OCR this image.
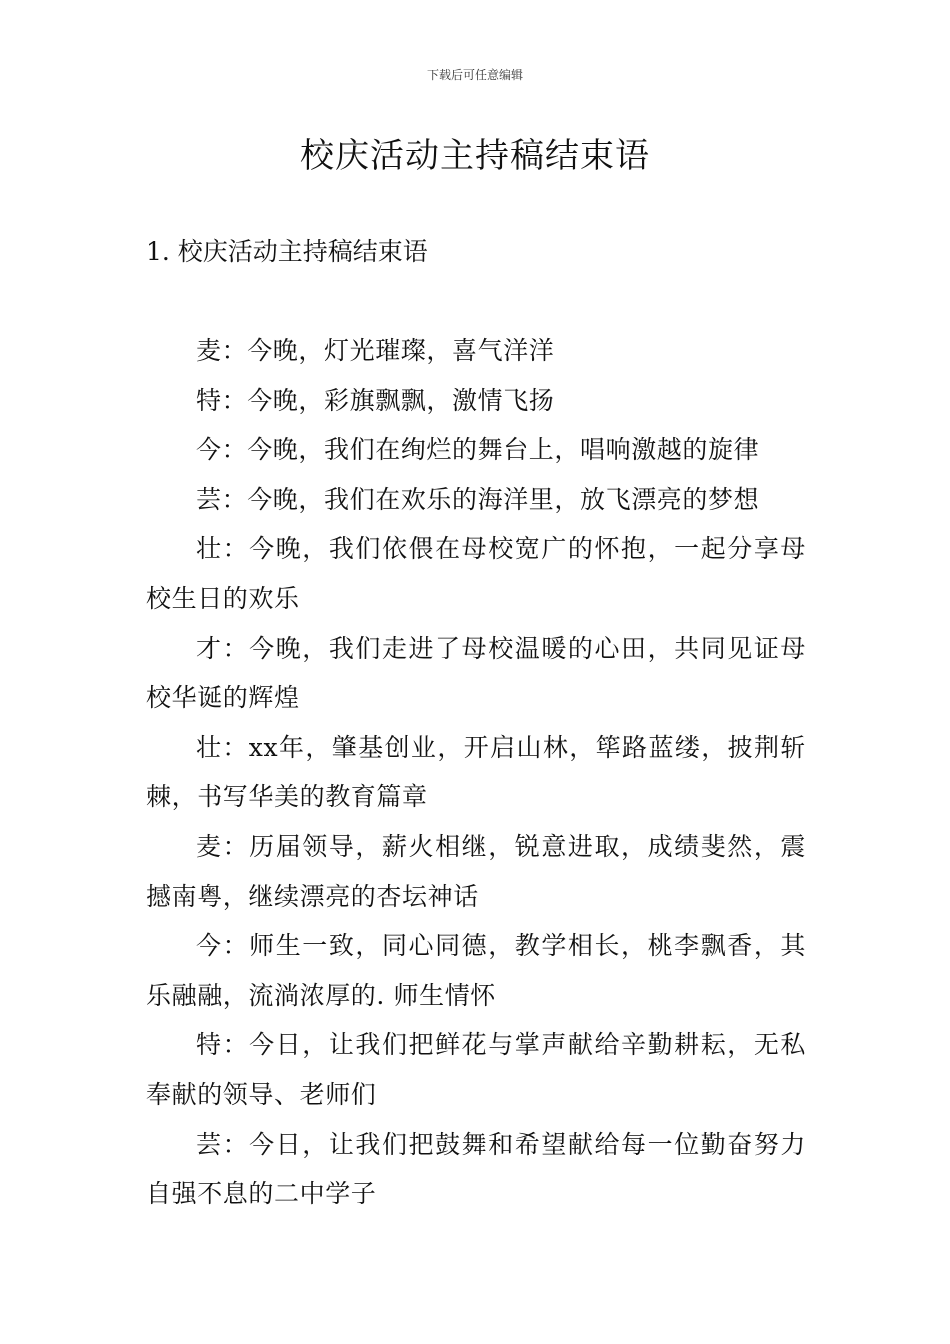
下载后可任意编辑
校庆活动主持稿结束语
1. 校庆活动主持稿结束语

麦：今晚，灯光璀璨，喜气洋洋

特：今晚，彩旗飘飘，激情飞扬

今：今晚，我们在绚烂的舞台上，唱响激越的旋律

芸：今晚，我们在欢乐的海洋里，放飞漂亮的梦想

壮：今晚，我们依偎在母校宽广的怀抱，一起分享母校生日的欢乐

才：今晚，我们走进了母校温暖的心田，共同见证母校华诞的辉煌

壮：xx年，肇基创业，开启山林，筚路蓝缕，披荆斩棘，书写华美的教育篇章

麦：历届领导，薪火相继，锐意进取，成绩斐然，震撼南粤，继续漂亮的杏坛神话

今：师生一致，同心同德，教学相长，桃李飘香，其乐融融，流淌浓厚的. 师生情怀

特：今日，让我们把鲜花与掌声献给辛勤耕耘，无私奉献的领导、老师们

芸：今日，让我们把鼓舞和希望献给每一位勤奋努力自强不息的二中学子
